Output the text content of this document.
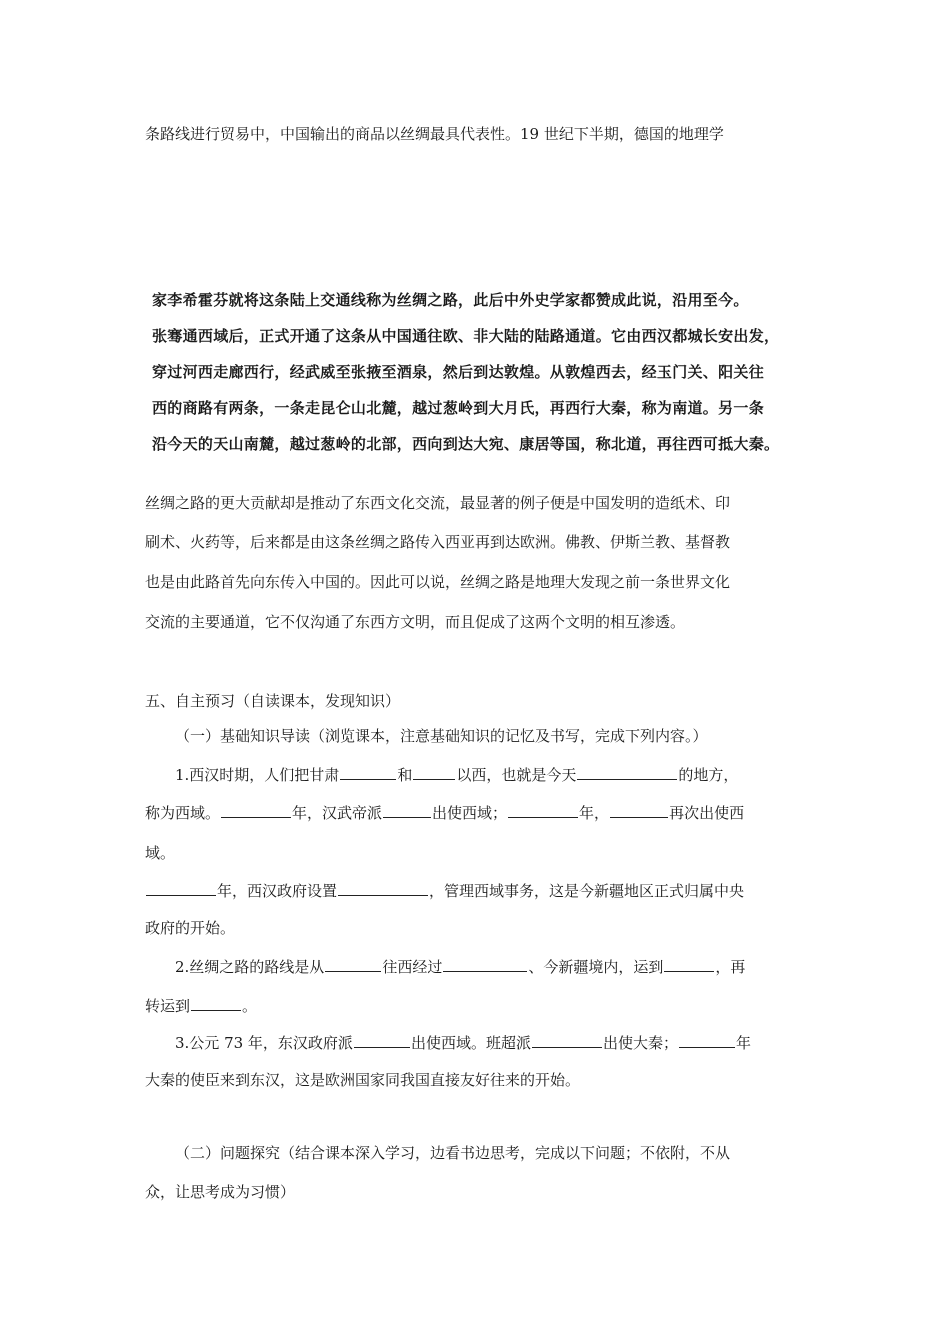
条路线进行贸易中，中国输出的商品以丝绸最具代表性。19 世纪下半期，德国的地理学
家李希霍芬就将这条陆上交通线称为丝绸之路，此后中外史学家都赞成此说，沿用至今。
张骞通西域后，正式开通了这条从中国通往欧、非大陆的陆路通道。它由西汉都城长安出发，
穿过河西走廊西行，经武威至张掖至酒泉，然后到达敦煌。从敦煌西去，经玉门关、阳关往
西的商路有两条，一条走昆仑山北麓，越过葱岭到大月氏，再西行大秦，称为南道。另一条
沿今天的天山南麓，越过葱岭的北部，西向到达大宛、康居等国，称北道，再往西可抵大秦。
丝绸之路的更大贡献却是推动了东西文化交流，最显著的例子便是中国发明的造纸术、印
刷术、火药等，后来都是由这条丝绸之路传入西亚再到达欧洲。佛教、伊斯兰教、基督教
也是由此路首先向东传入中国的。因此可以说，丝绸之路是地理大发现之前一条世界文化
交流的主要通道，它不仅沟通了东西方文明，而且促成了这两个文明的相互渗透。
五、自主预习（自读课本，发现知识）
（一）基础知识导读（浏览课本，注意基础知识的记忆及书写，完成下列内容。）
1.西汉时期，人们把甘肃	和	以西，也就是今天	的地方，
称为西域。	年，汉武帝派	出使西域；	年，	再次出使西
域。
年，西汉政府设置	，管理西域事务，这是今新疆地区正式归属中央
政府的开始。
2.丝绸之路的路线是从	往西经过	、今新疆境内，运到	，再
转运到	。
3.公元 73 年，东汉政府派	出使西域。班超派	出使大秦；	年
大秦的使臣来到东汉，这是欧洲国家同我国直接友好往来的开始。
（二）问题探究（结合课本深入学习，边看书边思考，完成以下问题；不依附，不从
众，让思考成为习惯）
